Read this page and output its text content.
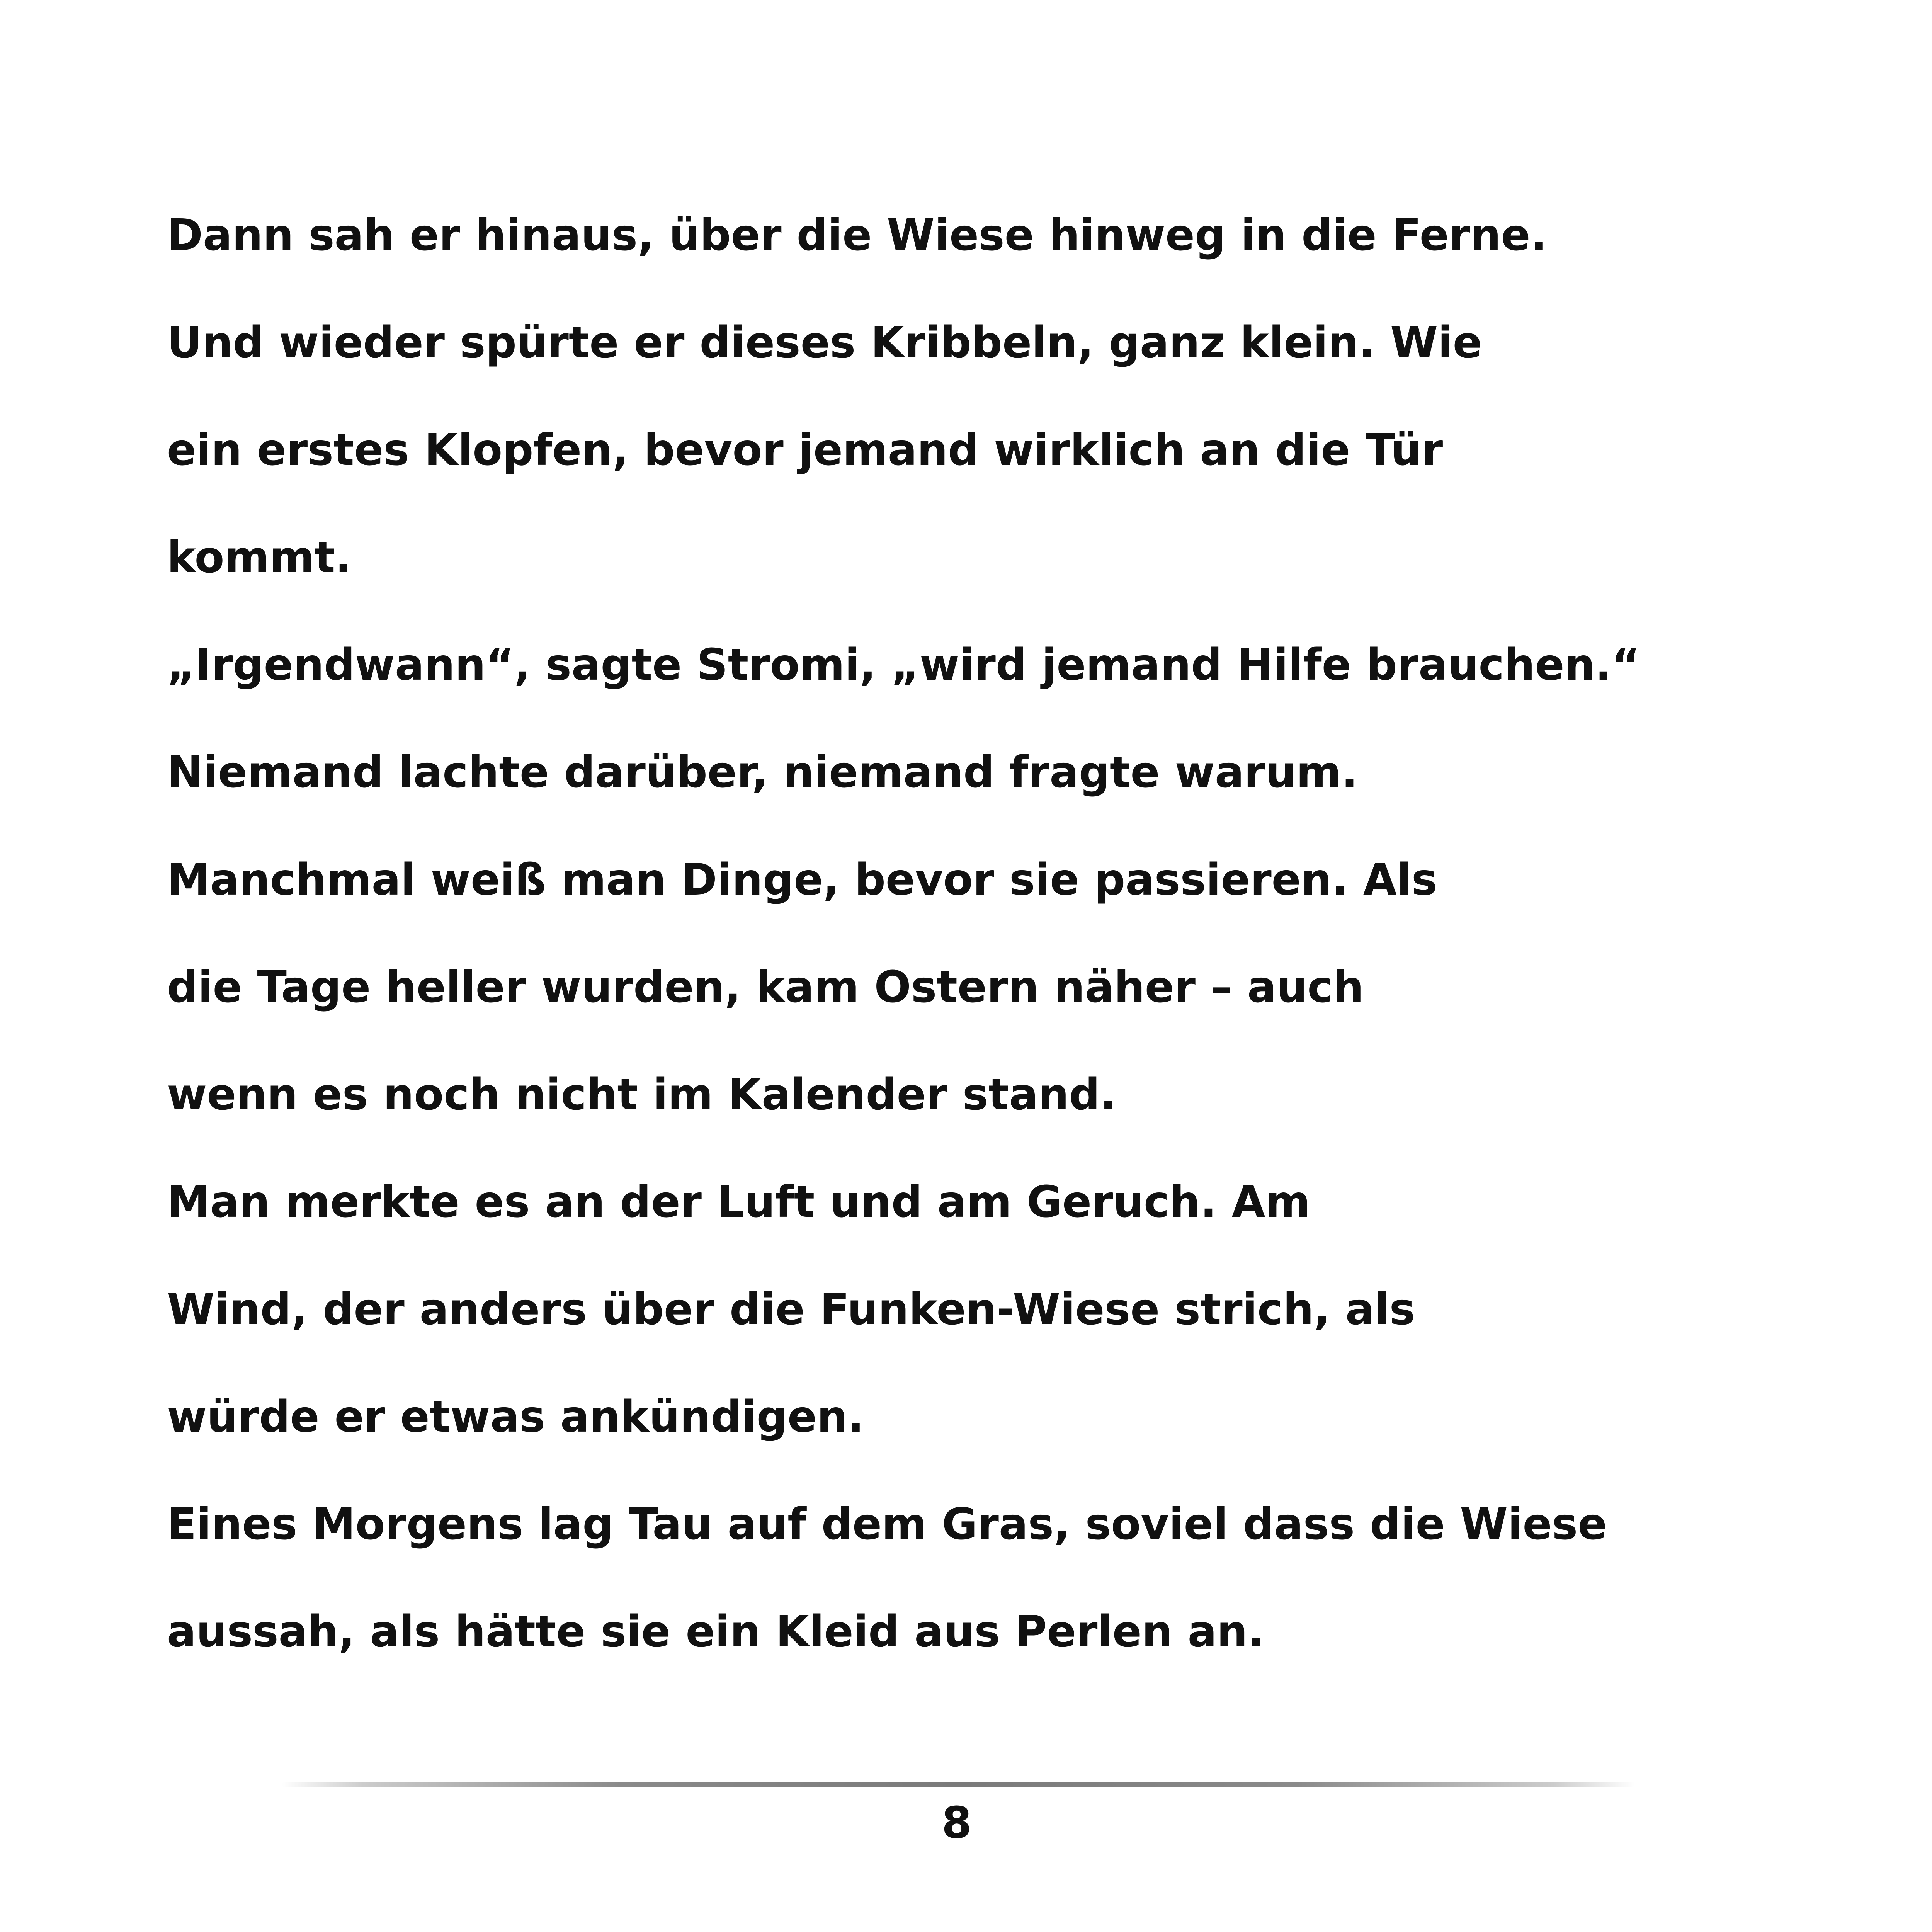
Dann sah er hinaus, über die Wiese hinweg in die Ferne.
Und wieder spürte er dieses Kribbeln, ganz klein. Wie
ein erstes Klopfen, bevor jemand wirklich an die Tür
kommt.
„Irgendwann“, sagte Stromi, „wird jemand Hilfe brauchen.“
Niemand lachte darüber, niemand fragte warum.
Manchmal weiß man Dinge, bevor sie passieren. Als
die Tage heller wurden, kam Ostern näher – auch
wenn es noch nicht im Kalender stand.
Man merkte es an der Luft und am Geruch. Am
Wind, der anders über die Funken-Wiese strich, als
würde er etwas ankündigen.
Eines Morgens lag Tau auf dem Gras, soviel dass die Wiese
aussah, als hätte sie ein Kleid aus Perlen an.
8
